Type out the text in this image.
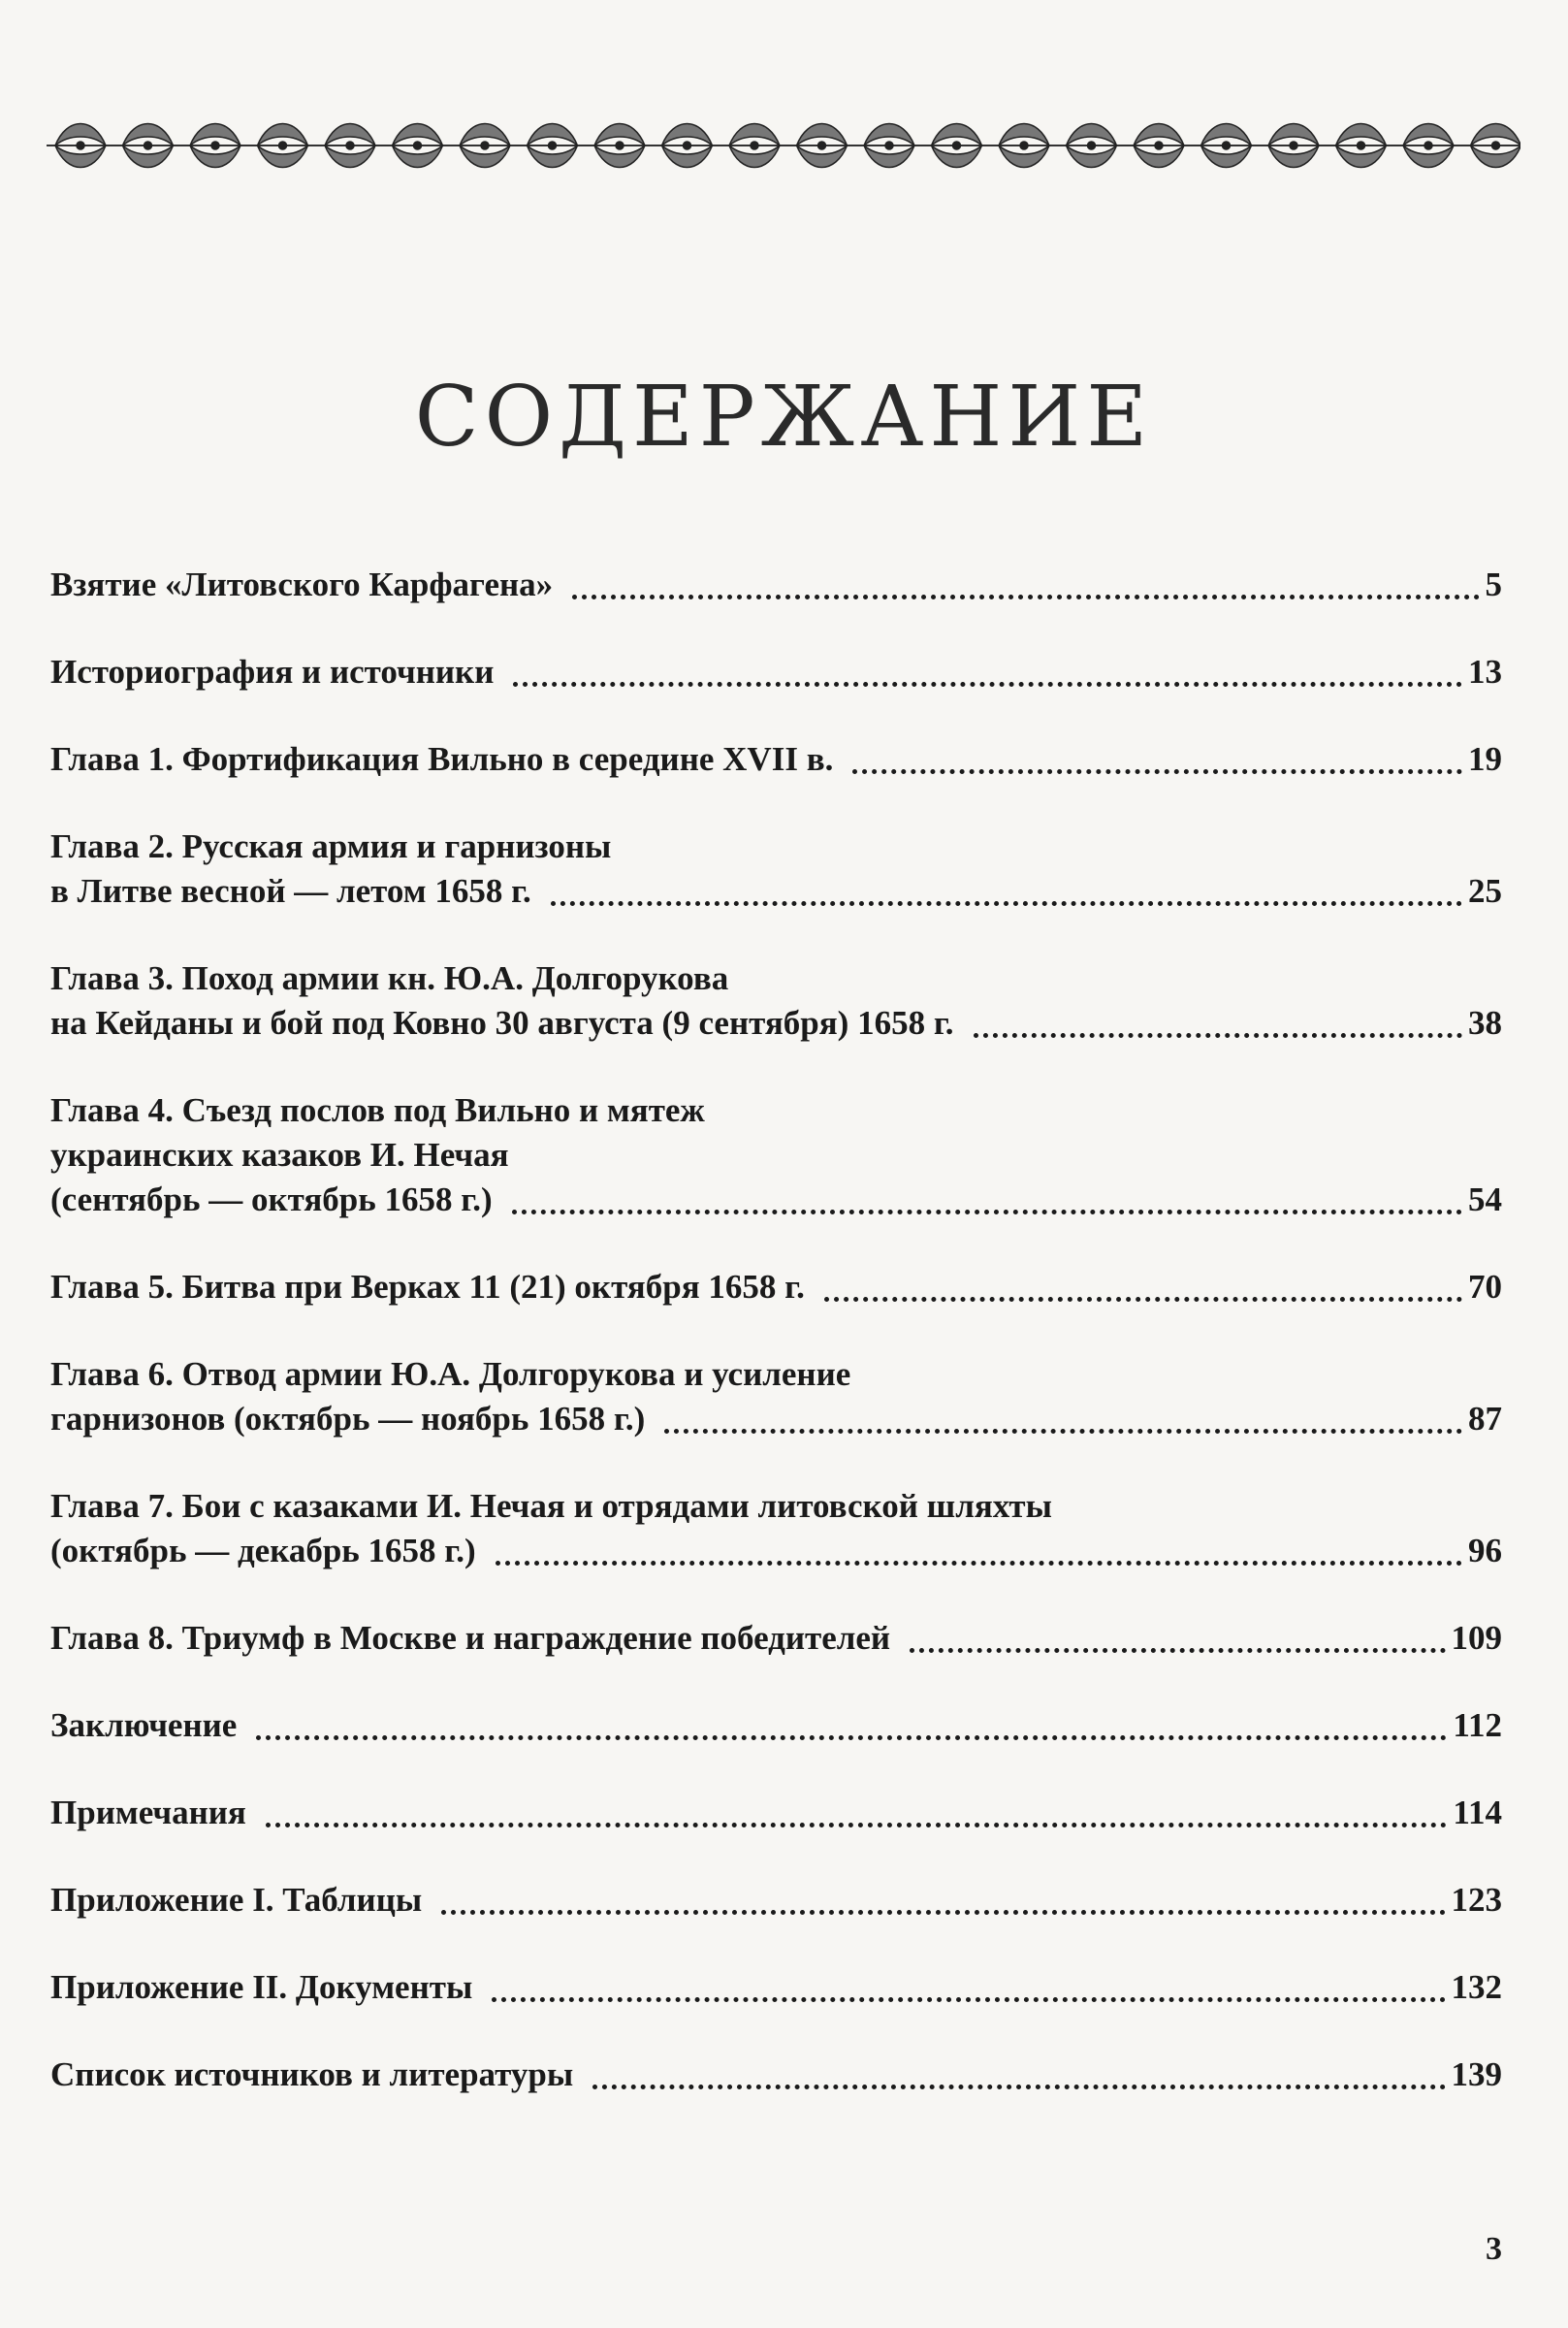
СОДЕРЖАНИЕ
Взятие «Литовского Карфагена»	5
Историография и источники	13
Глава 1. Фортификация Вильно в середине XVII в.	19
Глава 2. Русская армия и гарнизоны
в Литве весной — летом 1658 г.	25
Глава 3. Поход армии кн. Ю.А. Долгорукова
на Кейданы и бой под Ковно 30 августа (9 сентября) 1658 г.	38
Глава 4. Съезд послов под Вильно и мятеж
украинских казаков И. Нечая
(сентябрь — октябрь 1658 г.)	54
Глава 5. Битва при Верках 11 (21) октября 1658 г.	70
Глава 6. Отвод армии Ю.А. Долгорукова и усиление
гарнизонов (октябрь — ноябрь 1658 г.)	87
Глава 7. Бои с казаками И. Нечая и отрядами литовской шляхты
(октябрь — декабрь 1658 г.)	96
Глава 8. Триумф в Москве и награждение победителей	109
Заключение	112
Примечания	114
Приложение I. Таблицы	123
Приложение II. Документы	132
Список источников и литературы	139
3
